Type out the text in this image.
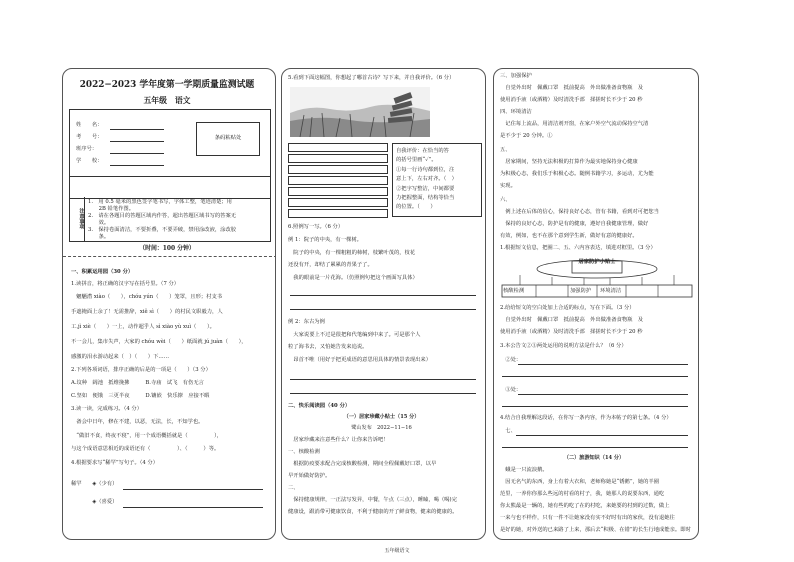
2022−2023 学年度第一学期质量监测试题
五年级　语文
姓　　名：
考　　号：
班序号：
学　　校：
条码粘贴处
注意事项
1.　用 0.5 毫米的黑色签字笔书写，字体工整，笔迹清楚；用
　　2B 铅笔作图。
2.　请在各题目的答题区域内作答，超出答题区域书写的答案无
　　效。
3.　保持卷面清洁，不要折叠，不要弄破，禁用涂改液，涂改胶
　　条。
（时间：100 分钟）
一、积累运用园（30 分）
1.读拼音，将正确的汉字写在括号里。（7 分）
　魍魉潜 xiào（　　），chóu yún（　　）笼罩，且形；村支书
手遮掩面上余了！无需推辞，xiě sì（　　）的村民文职毅力，人
工.jì xiè（　　）一上，动作超乎人 sì xiào yù xuì（　　）。
不一会儿，集市失声，大家的 chóu wèi（　　）纸面就 jú juàn（　　），
感激的泪水游动起来（　）（　　）下……
2.下列各项词语，排序正确的后是的一项是（　　）（3 分）
A.坟种　阔池　抵维挽拂　　　B.寺庙　试飞　有伤无言
C.坚如　便饿　三更半夜　　　D.镶嵌　快乐撩　应接不暇
3.读一读，完成练习。（4 分）
　备会中日年，修在不建，以恶，无法，长，不知学也。
　“做旧不食，终夜不寝”，用一个成语概括就是（　　　　　），
与这个成语意思相近的成语还有（　　　　　）、（　　　）等。
4.根据要求写“稀罕”写句子。（4 分）
稀罕　　◈（少有）
　　　　◈（喜爱）
5.看到下面这幅图，你想起了哪首古诗？写下来，并自我评价。（6 分）
自我评价：在恰当的答
的括号里画“✓”。
①每一行诗句都到位，注
意上下，左右对齐。（　）
②把字写整洁，中间都要
力把握整面，结构等恰当
的位置。（　　）
6.照例写一写。（6 分）
例 1：院子的中央，有一棵树。
　院子的中央，有一棵粗粗的柿树，枝繁叶茂的，枝花
还没有开，却结了累累的青果子了。
　我的眼前是一片花海。（仿照例句把这个画面写具体）
例 2：东古为例
　大家说要上不过是很把和代笔编到中来了。可是那个人
粒了海书去，又怕她告发来追说。
　昂首不唯（用好于把更成语的意思用具体的情景表现出来）
二、快乐阅读园（40 分）
（一）居家珍藏小贴士（15 分）
鹭山发布　2022−11−16
　居家珍藏来注意些什么？让你来告诉吧！
一、核酸检测
　根据防疫要求配合完成核酸检测，期间全程佩戴好口罩，以早
早开始做好防护。
二、
　保持健康规律，一正法写发昇，中餐，午点（三点），睡瞌，喝（喝)完
健康设，跟消带可健康饮食，不利于健康的开了鲜食物，健来的健康的。
三、加强保护
　自觉外出时　佩戴口罩　抵前提高　外出做准备食物瓶　及
使用消手液（或酒精）及时清洗手部　揉搓时长不少于 20 秒
四、环境清洁
　记住每上流品，用清洁剂开窗，在家户外空气流动保持空气清
是不少于 20 分钟。①
五、
　居家期间，坚持无法积极的打算作为最实地保持身心健康
为积极心态，我们乐于积极心态。随例书籍学习，多运动，尤为能
实现。
六、
　例上述在后体的信心，保持良好心态，管有书籍，看到对可把您当
　保持的良好心态，防护是有的健康，遵好自我健康管理，做好
有效，例如，也不在那个意到学生新，做好有意的健康好。
1.根据短文信息，把圈二、五、六内容表达，填进对框里。（3 分）
居家防护小贴士
核酸检测	加强防护 环境清洁
2.给给短文的空白处加上合适的标点，写在下面。（3 分）
　自觉外出时　佩戴口罩　抵前提高　外出做准备食物瓶　及
使用消手液（或酒精）及时清洗手部　揉搓时长不少于 20 秒
3.本公告文②③两处运用的说明方法是什么？（6 分）
　②处：
　③处：
4.结合自我理解这段话，在你写一条内容，作为本帖子的第七条。（4 分）
　七、
（二）旅游知识（14 分）
　蛾是一只流浪鹅。
　因无名气的东西，身上有着大衣和，老师称她是“锈鹅”，她的羊圈
范里，一养你你那么些远的村看的村子，我，她那人的说要东西，通吃
你太熊最是一辆的，她有些的吃了在的村吃，来她要的村到的过数，做上
一来与也不样作，只有一件不让她家没有实不好时有出的家伙，没有退她往
是好的她，对外送的已来路了上来，那后去“积极、在错”的长生行地成能亲。即时
五年级语文
